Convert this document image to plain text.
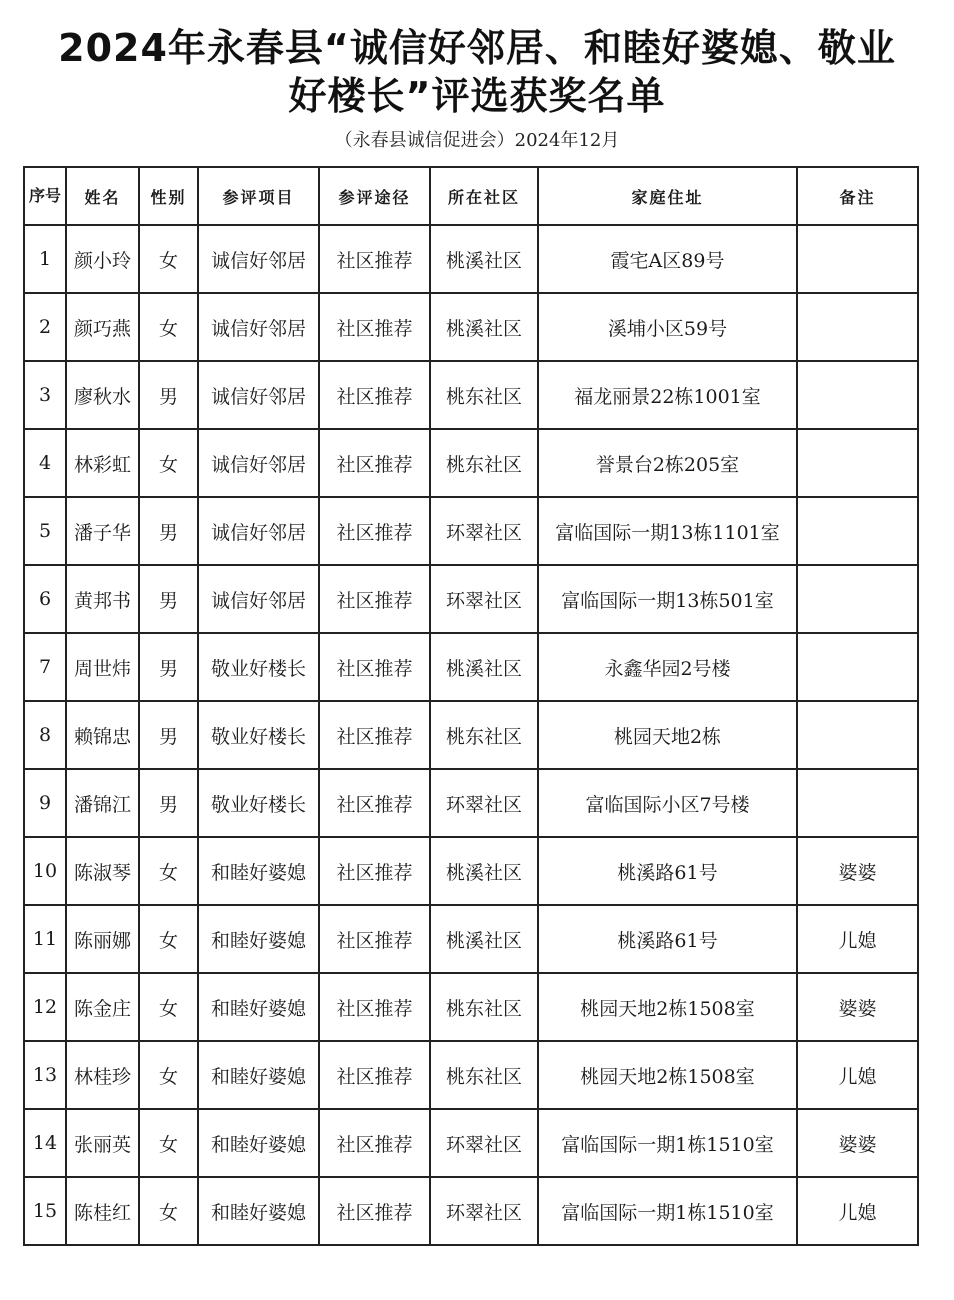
2024年永春县“诚信好邻居、和睦好婆媳、敬业
好楼长”评选获奖名单
（永春县诚信促进会）2024年12月
序号	姓名	性别	参评项目	参评途径	所在社区	家庭住址	备注
1	颜小玲	女	诚信好邻居	社区推荐	桃溪社区	霞宅A区89号	
2	颜巧燕	女	诚信好邻居	社区推荐	桃溪社区	溪埔小区59号	
3	廖秋水	男	诚信好邻居	社区推荐	桃东社区	福龙丽景22栋1001室	
4	林彩虹	女	诚信好邻居	社区推荐	桃东社区	誉景台2栋205室	
5	潘子华	男	诚信好邻居	社区推荐	环翠社区	富临国际一期13栋1101室	
6	黄邦书	男	诚信好邻居	社区推荐	环翠社区	富临国际一期13栋501室	
7	周世炜	男	敬业好楼长	社区推荐	桃溪社区	永鑫华园2号楼	
8	赖锦忠	男	敬业好楼长	社区推荐	桃东社区	桃园天地2栋	
9	潘锦江	男	敬业好楼长	社区推荐	环翠社区	富临国际小区7号楼	
10	陈淑琴	女	和睦好婆媳	社区推荐	桃溪社区	桃溪路61号	婆婆
11	陈丽娜	女	和睦好婆媳	社区推荐	桃溪社区	桃溪路61号	儿媳
12	陈金庄	女	和睦好婆媳	社区推荐	桃东社区	桃园天地2栋1508室	婆婆
13	林桂珍	女	和睦好婆媳	社区推荐	桃东社区	桃园天地2栋1508室	儿媳
14	张丽英	女	和睦好婆媳	社区推荐	环翠社区	富临国际一期1栋1510室	婆婆
15	陈桂红	女	和睦好婆媳	社区推荐	环翠社区	富临国际一期1栋1510室	儿媳
